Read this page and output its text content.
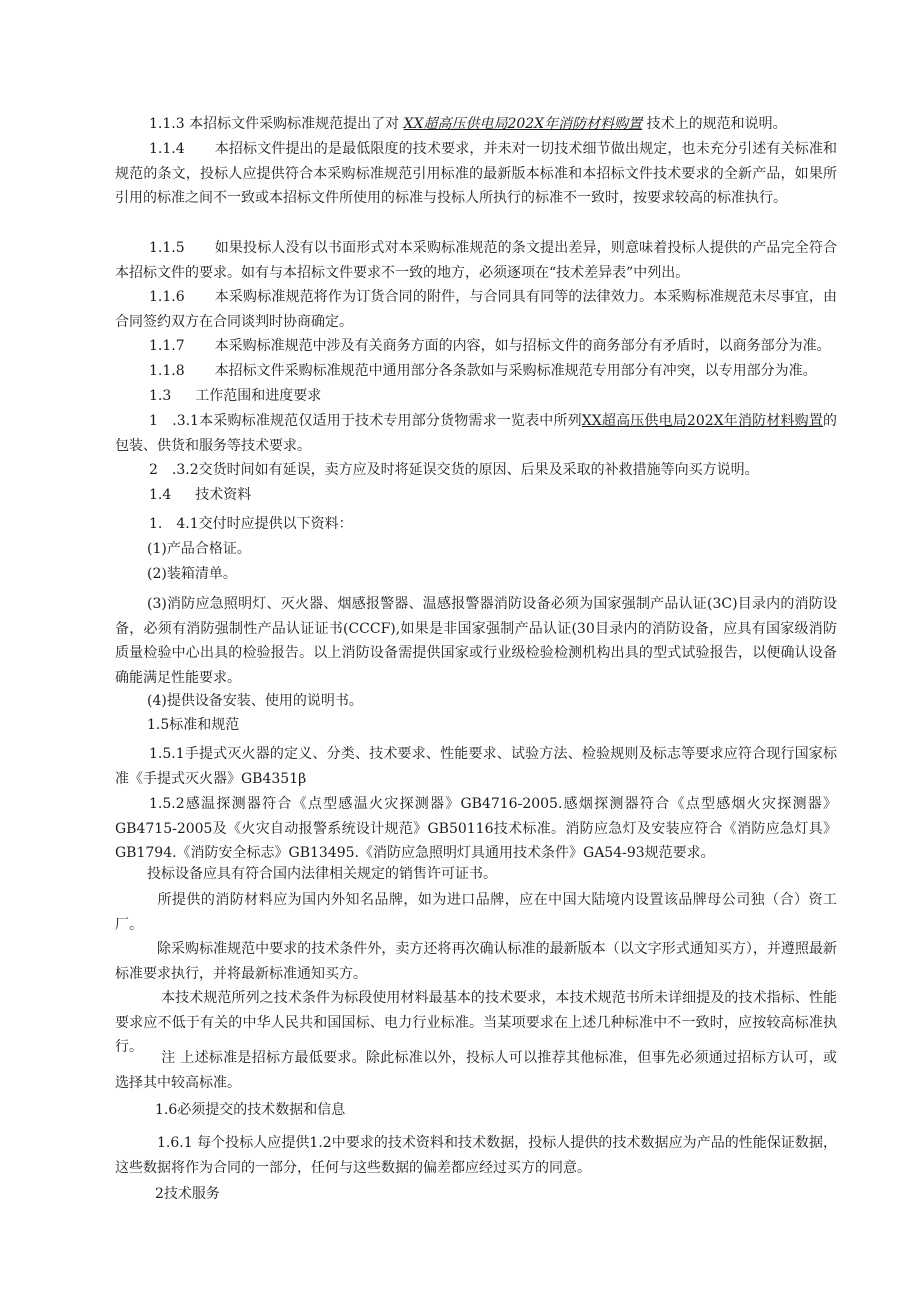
1.1.3 本招标文件采购标准规范提出了对 XX超高压供电局202X年消防材料购置 技术上的规范和说明。

1.1.4 本招标文件提出的是最低限度的技术要求，并未对一切技术细节做出规定，也未充分引述有关标准和规范的条文，投标人应提供符合本采购标准规范引用标准的最新版本标准和本招标文件技术要求的全新产品，如果所引用的标准之间不一致或本招标文件所使用的标准与投标人所执行的标准不一致时，按要求较高的标准执行。

1.1.5 如果投标人没有以书面形式对本采购标准规范的条文提出差异，则意味着投标人提供的产品完全符合本招标文件的要求。如有与本招标文件要求不一致的地方，必须逐项在“技术差异表”中列出。

1.1.6 本采购标准规范将作为订货合同的附件，与合同具有同等的法律效力。本采购标准规范未尽事宜，由合同签约双方在合同谈判时协商确定。

1.1.7 本采购标准规范中涉及有关商务方面的内容，如与招标文件的商务部分有矛盾时，以商务部分为准。

1.1.8 本招标文件采购标准规范中通用部分各条款如与采购标准规范专用部分有冲突，以专用部分为准。

1.3 工作范围和进度要求

1　.3.1本采购标准规范仅适用于技术专用部分货物需求一览表中所列XX超高压供电局202X年消防材料购置的包装、供货和服务等技术要求。

2　.3.2交货时间如有延误，卖方应及时将延误交货的原因、后果及采取的补救措施等向买方说明。

1.4 技术资料

1.　4.1交付时应提供以下资料：

(1)产品合格证。

(2)装箱清单。

(3)消防应急照明灯、灭火器、烟感报警器、温感报警器消防设备必须为国家强制产品认证(3C)目录内的消防设备，必须有消防强制性产品认证证书(CCCF),如果是非国家强制产品认证(30目录内的消防设备，应具有国家级消防质量检验中心出具的检验报告。以上消防设备需提供国家或行业级检验检测机构出具的型式试验报告，以便确认设备确能满足性能要求。

(4)提供设备安装、使用的说明书。

1.5标准和规范

1.5.1手提式灭火器的定义、分类、技术要求、性能要求、试验方法、检验规则及标志等要求应符合现行国家标准《手提式灭火器》GB4351β

1.5.2感温探测器符合《点型感温火灾探测器》GB4716-2005.感烟探测器符合《点型感烟火灾探测器》GB4715-2005及《火灾自动报警系统设计规范》GB50116技术标准。消防应急灯及安装应符合《消防应急灯具》GB1794.《消防安全标志》GB13495.《消防应急照明灯具通用技术条件》GA54-93规范要求。

投标设备应具有符合国内法律相关规定的销售许可证书。

所提供的消防材料应为国内外知名品牌，如为进口品牌，应在中国大陆境内设置该品牌母公司独（合）资工厂。

除采购标准规范中要求的技术条件外，卖方还将再次确认标准的最新版本（以文字形式通知买方），并遵照最新标准要求执行，并将最新标准通知买方。

本技术规范所列之技术条件为标段使用材料最基本的技术要求，本技术规范书所未详细提及的技术指标、性能要求应不低于有关的中华人民共和国国标、电力行业标准。当某项要求在上述几种标准中不一致时，应按较高标准执行。

注 上述标准是招标方最低要求。除此标准以外，投标人可以推荐其他标准，但事先必须通过招标方认可，或选择其中较高标准。

1.6必须提交的技术数据和信息

1.6.1 每个投标人应提供1.2中要求的技术资料和技术数据，投标人提供的技术数据应为产品的性能保证数据，这些数据将作为合同的一部分，任何与这些数据的偏差都应经过买方的同意。

2技术服务
